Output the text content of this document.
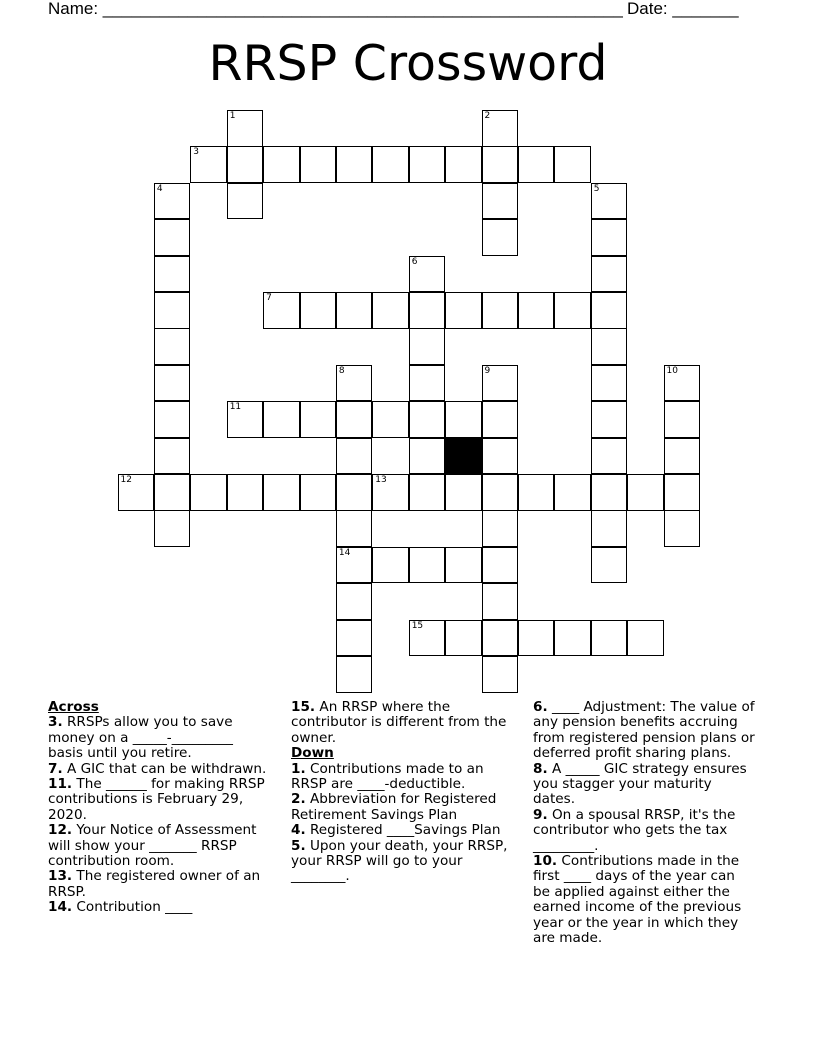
Name: _______________________________________________________ Date: _______
RRSP Crossword
1	2
3
4	5
6
7
8	9	10
11
12	13
14
15
Across

3. RRSPs allow you to save money on a _____-_________ basis until you retire.

7. A GIC that can be withdrawn.

11. The ______ for making RRSP contributions is February 29, 2020.

12. Your Notice of Assessment will show your _______ RRSP contribution room.

13. The registered owner of an RRSP.

14. Contribution ____

15. An RRSP where the contributor is different from the owner.

Down

1. Contributions made to an RRSP are ____-deductible.

2. Abbreviation for Registered Retirement Savings Plan

4. Registered ____Savings Plan

5. Upon your death, your RRSP, your RRSP will go to your ________.

6. ____ Adjustment: The value of any pension benefits accruing from registered pension plans or deferred profit sharing plans.

8. A _____ GIC strategy ensures you stagger your maturity dates.

9. On a spousal RRSP, it's the contributor who gets the tax _________.

10. Contributions made in the first ____ days of the year can be applied against either the earned income of the previous year or the year in which they are made.
